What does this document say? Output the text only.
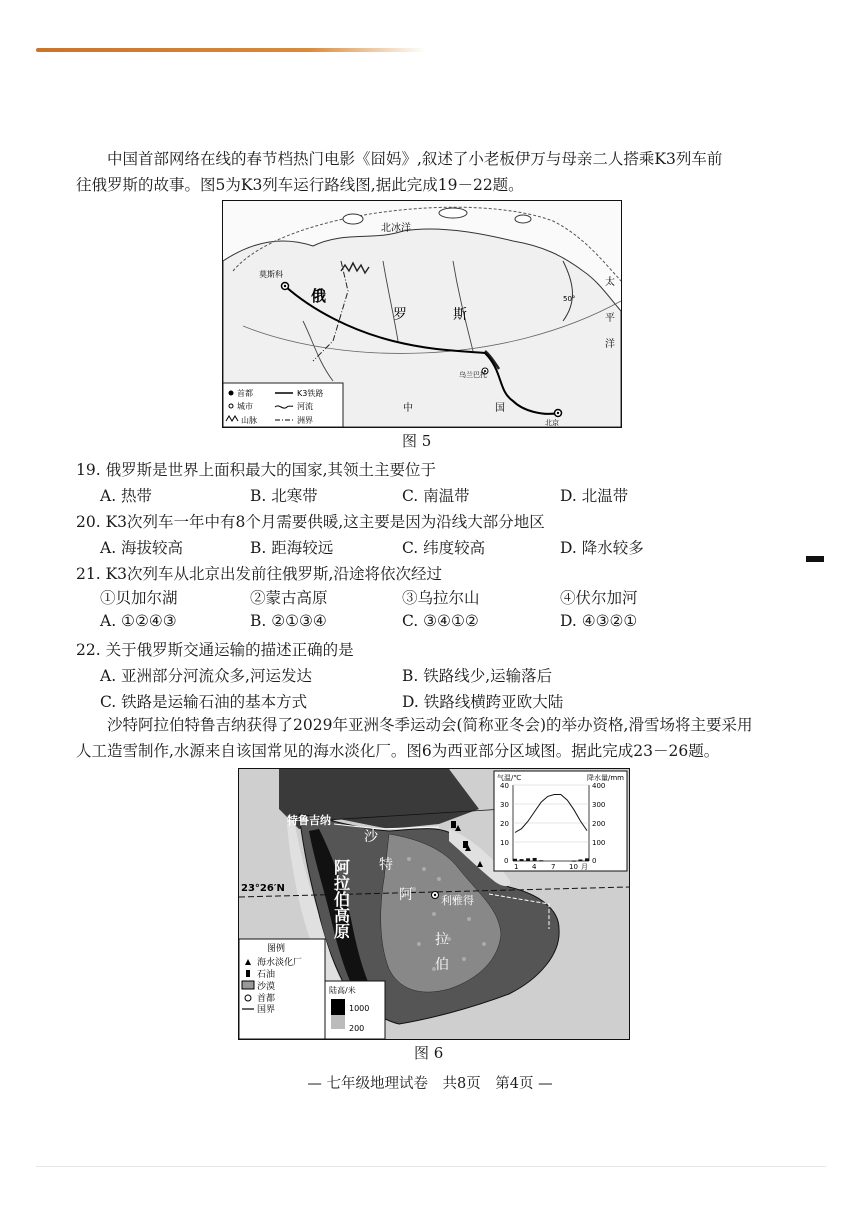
中国首部网络在线的春节档热门电影《囧妈》,叙述了小老板伊万与母亲二人搭乘K3列车前往俄罗斯的故事。图5为K3列车运行路线图,据此完成19－22题。

北冰洋
莫斯科
俄
罗	斯
乌兰巴托
北京
中	国
太
平
洋
50°
首都
城市
山脉
K3铁路
河流
洲界
图 5

19. 俄罗斯是世界上面积最大的国家,其领土主要位于

A. 热带	B. 北寒带	C. 南温带	D. 北温带

20. K3次列车一年中有8个月需要供暖,这主要是因为沿线大部分地区

A. 海拔较高	B. 距海较远	C. 纬度较高	D. 降水较多

21. K3次列车从北京出发前往俄罗斯,沿途将依次经过

①贝加尔湖	②蒙古高原	③乌拉尔山	④伏尔加河
A. ①②④③	B. ②①③④	C. ③④①②	D. ④③②①

22. 关于俄罗斯交通运输的描述正确的是

A. 亚洲部分河流众多,河运发达	B. 铁路线少,运输落后
C. 铁路是运输石油的基本方式	D. 铁路线横跨亚欧大陆

沙特阿拉伯特鲁吉纳获得了2029年亚洲冬季运动会(简称亚冬会)的举办资格,滑雪场将主要采用人工造雪制作,水源来自该国常见的海水淡化厂。图6为西亚部分区域图。据此完成23－26题。

特鲁吉纳
沙
特
阿
拉
伯
利雅得
23°26′N	阿拉伯高原
气温/℃	降水量/mm
40
30
20
10
0
400
300
200
100
0
1 4 7 10 月
图例
海水淡化厂
石油
沙漠
首都
国界
陆高/米
1000
200
图 6
— 七年级地理试卷　共8页　第4页 —
